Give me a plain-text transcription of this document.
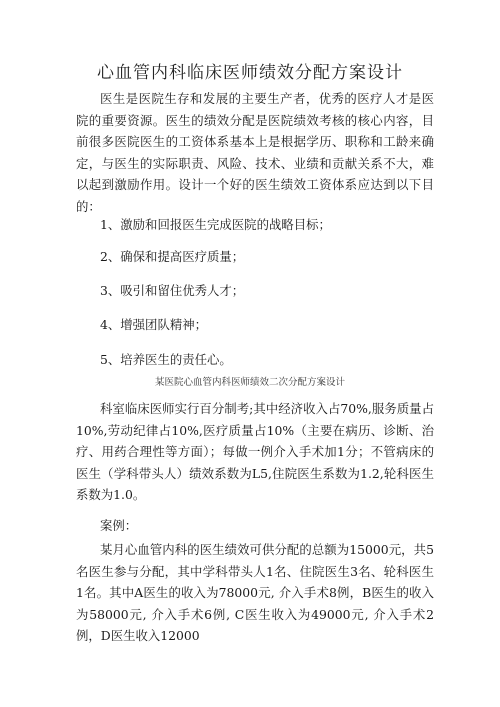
心血管内科临床医师绩效分配方案设计

医生是医院生存和发展的主要生产者，优秀的医疗人才是医院的重要资源。医生的绩效分配是医院绩效考核的核心内容，目前很多医院医生的工资体系基本上是根据学历、职称和工龄来确定，与医生的实际职责、风险、技术、业绩和贡献关系不大，难以起到激励作用。设计一个好的医生绩效工资体系应达到以下目的：

1、激励和回报医生完成医院的战略目标；
2、确保和提高医疗质量；
3、吸引和留住优秀人才；
4、增强团队精神；
5、培养医生的责任心。
某医院心血管内科医师绩效二次分配方案设计

科室临床医师实行百分制考;其中经济收入占70%,服务质量占10%,劳动纪律占10%,医疗质量占10%（主要在病历、诊断、治疗、用药合理性等方面）；每做一例介入手术加1分；不管病床的医生（学科带头人）绩效系数为L5,住院医生系数为1.2,轮科医生系数为1.0。

案例：

某月心血管内科的医生绩效可供分配的总额为15000元，共5名医生参与分配，其中学科带头人1名、住院医生3名、轮科医生1名。其中A医生的收入为78000元, 介入手术8例，B医生的收入为58000元, 介入手术6例, C医生收入为49000元, 介入手术2例，D医生收入12000
